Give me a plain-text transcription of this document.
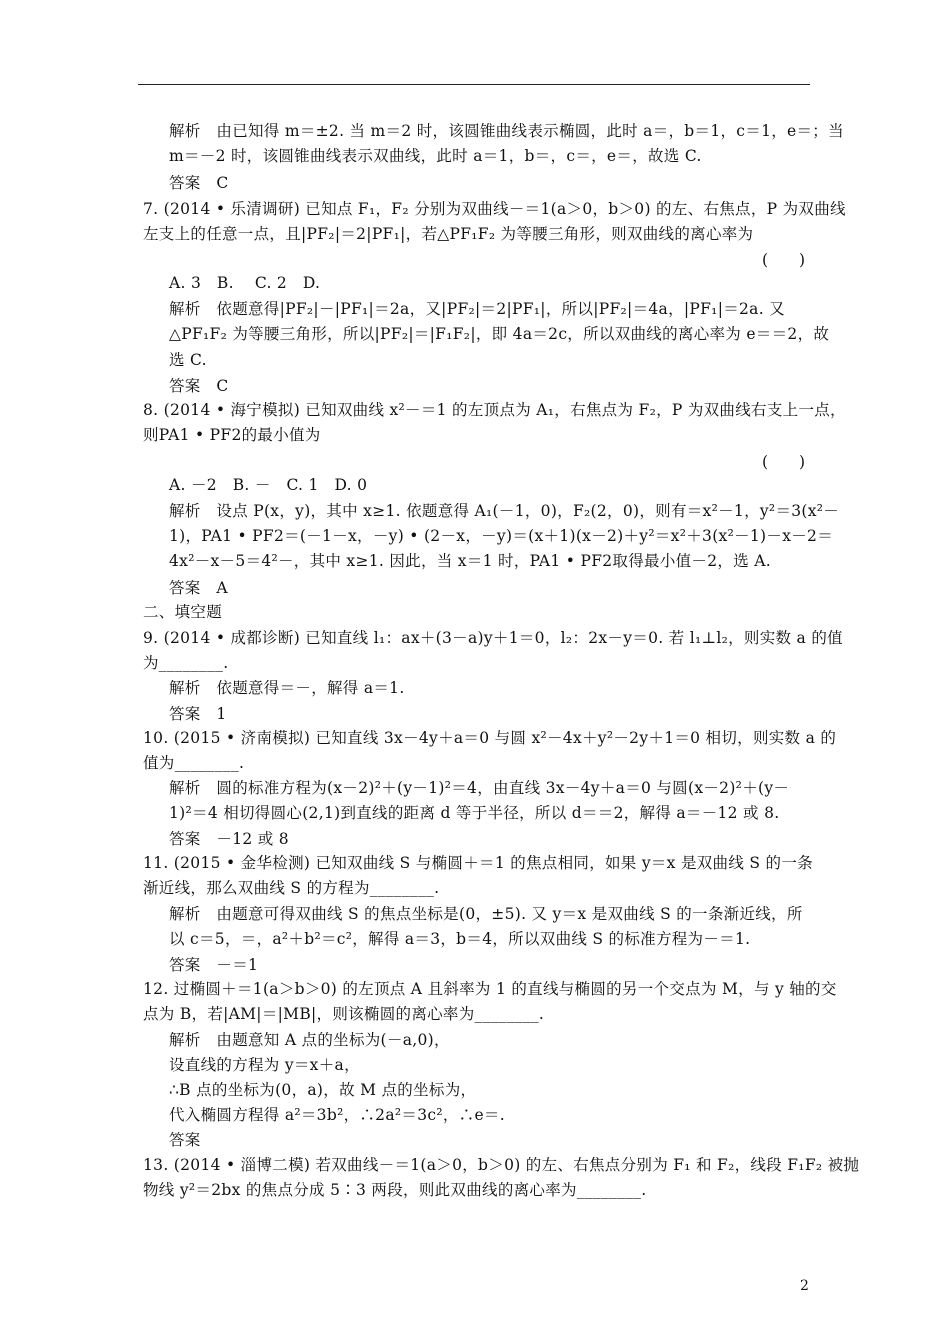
解析　由已知得 m＝±2. 当 m＝2 时，该圆锥曲线表示椭圆，此时 a＝，b＝1，c＝1，e＝；当
m＝－2 时，该圆锥曲线表示双曲线，此时 a＝1，b＝，c＝，e＝，故选 C.
答案　C
7. (2014 • 乐清调研) 已知点 F₁，F₂ 分别为双曲线－＝1(a＞0，b＞0) 的左、右焦点，P 为双曲线
左支上的任意一点，且|PF₂|＝2|PF₁|，若△PF₁F₂ 为等腰三角形，则双曲线的离心率为
A. 3　B. 　C. 2　D.
解析　依题意得|PF₂|－|PF₁|＝2a，又|PF₂|＝2|PF₁|，所以|PF₂|＝4a，|PF₁|＝2a. 又
△PF₁F₂ 为等腰三角形，所以|PF₂|＝|F₁F₂|，即 4a＝2c，所以双曲线的离心率为 e＝＝2，故
选 C.
答案　C
8. (2014 • 海宁模拟) 已知双曲线 x²－＝1 的左顶点为 A₁，右焦点为 F₂，P 为双曲线右支上一点，
则PA1 • PF2的最小值为
A. －2　B. －　C. 1　D. 0
解析　设点 P(x，y)，其中 x≥1. 依题意得 A₁(－1，0)，F₂(2，0)，则有＝x²－1，y²＝3(x²－
1)，PA1 • PF2＝(－1－x，－y) • (2－x，－y)＝(x＋1)(x－2)＋y²＝x²＋3(x²－1)－x－2＝
4x²－x－5＝4²－，其中 x≥1. 因此，当 x＝1 时，PA1 • PF2取得最小值－2，选 A.
答案　A
二、填空题
9. (2014 • 成都诊断) 已知直线 l₁：ax＋(3－a)y＋1＝0，l₂：2x－y＝0. 若 l₁⊥l₂，则实数 a 的值
为________.
解析　依题意得＝－，解得 a＝1.
答案　1
10. (2015 • 济南模拟) 已知直线 3x－4y＋a＝0 与圆 x²－4x＋y²－2y＋1＝0 相切，则实数 a 的
值为________.
解析　圆的标准方程为(x－2)²＋(y－1)²＝4，由直线 3x－4y＋a＝0 与圆(x－2)²＋(y－
1)²＝4 相切得圆心(2,1)到直线的距离 d 等于半径，所以 d＝＝2，解得 a＝－12 或 8.
答案　－12 或 8
11. (2015 • 金华检测) 已知双曲线 S 与椭圆＋＝1 的焦点相同，如果 y＝x 是双曲线 S 的一条
渐近线，那么双曲线 S 的方程为________.
解析　由题意可得双曲线 S 的焦点坐标是(0，±5). 又 y＝x 是双曲线 S 的一条渐近线，所
以 c＝5，＝，a²＋b²＝c²，解得 a＝3，b＝4，所以双曲线 S 的标准方程为－＝1.
答案　－＝1
12. 过椭圆＋＝1(a＞b＞0) 的左顶点 A 且斜率为 1 的直线与椭圆的另一个交点为 M，与 y 轴的交
点为 B，若|AM|＝|MB|，则该椭圆的离心率为________.
解析　由题意知 A 点的坐标为(－a,0)，
设直线的方程为 y＝x＋a，
∴B 点的坐标为(0，a)，故 M 点的坐标为，
代入椭圆方程得 a²＝3b²，∴2a²＝3c²，∴e＝.
答案
13. (2014 • 淄博二模) 若双曲线－＝1(a＞0，b＞0) 的左、右焦点分别为 F₁ 和 F₂，线段 F₁F₂ 被抛
物线 y²＝2bx 的焦点分成 5∶3 两段，则此双曲线的离心率为________.
(　　)
(　　)
2
